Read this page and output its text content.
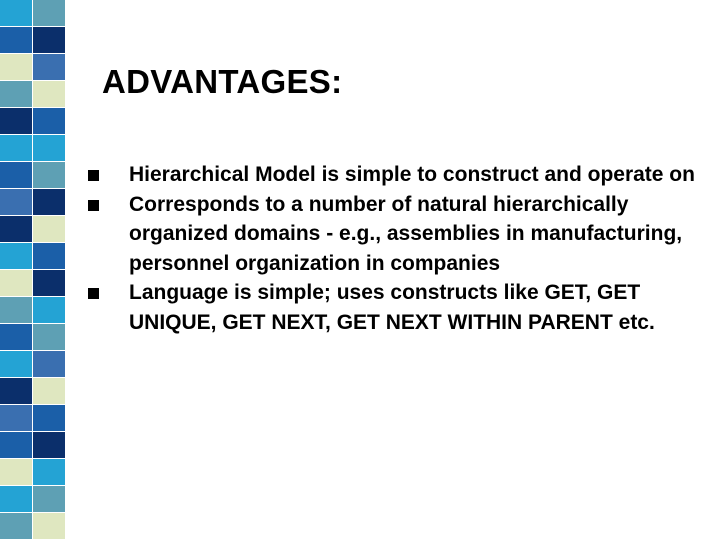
ADVANTAGES:
Hierarchical Model is simple to construct and operate on
Corresponds to a number of natural hierarchically organized domains - e.g., assemblies in manufacturing, personnel organization in companies
Language is simple; uses constructs like GET, GET UNIQUE, GET NEXT, GET NEXT WITHIN PARENT etc.
